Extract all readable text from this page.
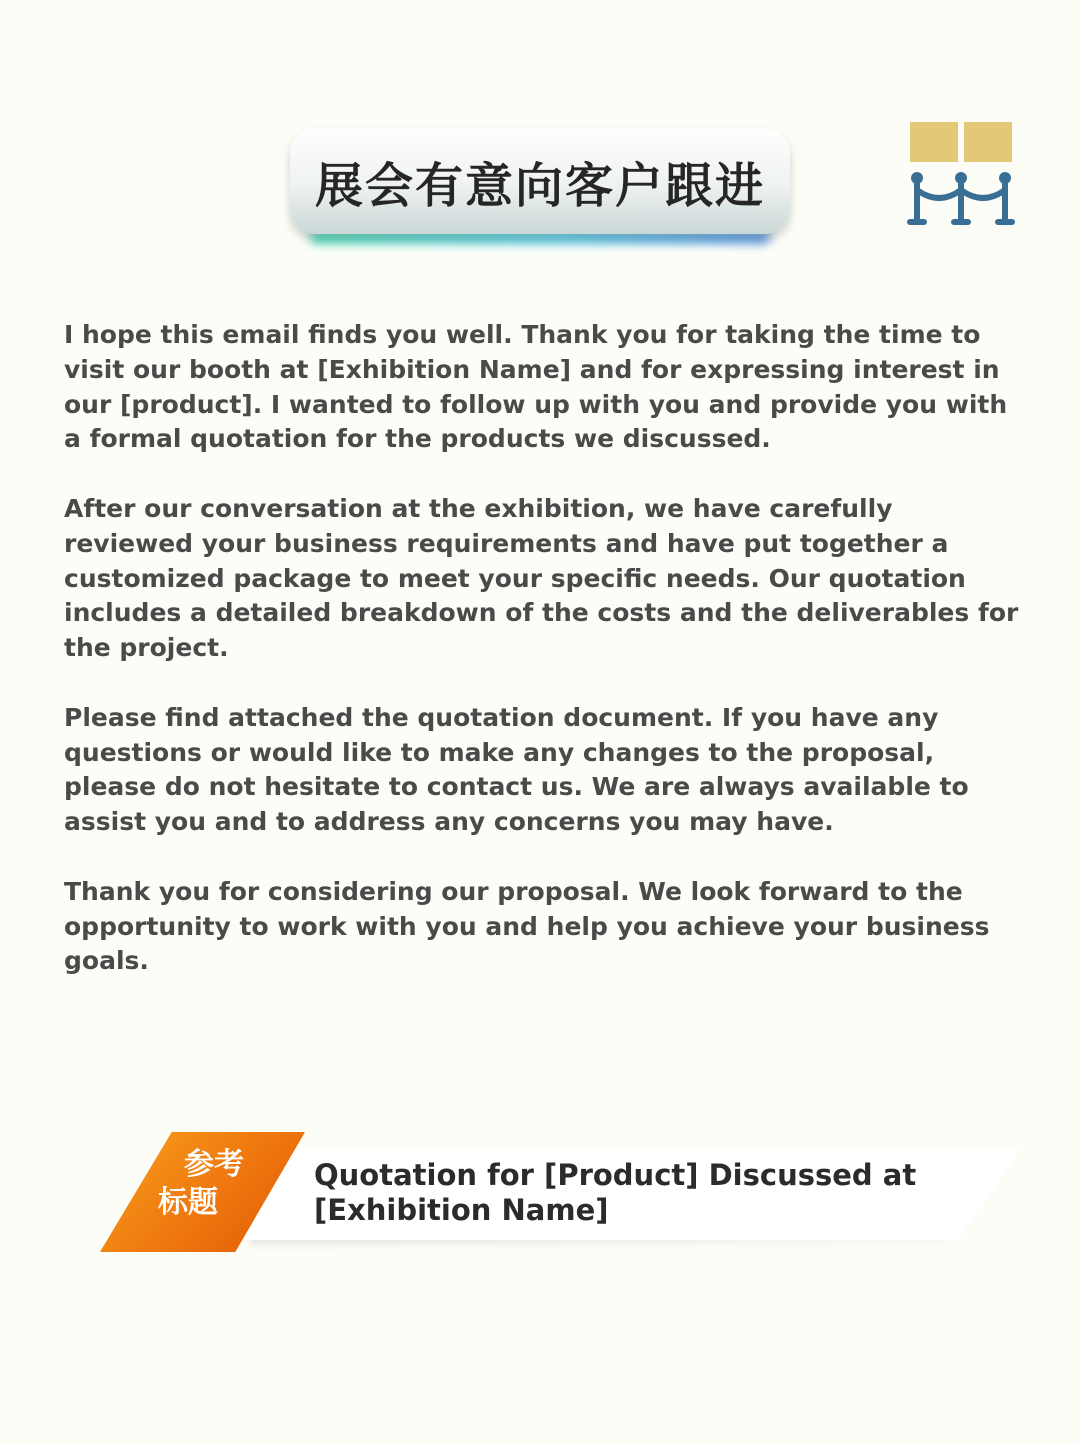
展会有意向客户跟进

I hope this email finds you well. Thank you for taking the time to visit our booth at [Exhibition Name] and for expressing interest in our [product]. I wanted to follow up with you and provide you with a formal quotation for the products we discussed.

After our conversation at the exhibition, we have carefully reviewed your business requirements and have put together a customized package to meet your specific needs. Our quotation includes a detailed breakdown of the costs and the deliverables for the project.

Please find attached the quotation document. If you have any questions or would like to make any changes to the proposal, please do not hesitate to contact us. We are always available to assist you and to address any concerns you may have.

Thank you for considering our proposal. We look forward to the opportunity to work with you and help you achieve your business goals.

参考
标题
Quotation for [Product] Discussed at
[Exhibition Name]
